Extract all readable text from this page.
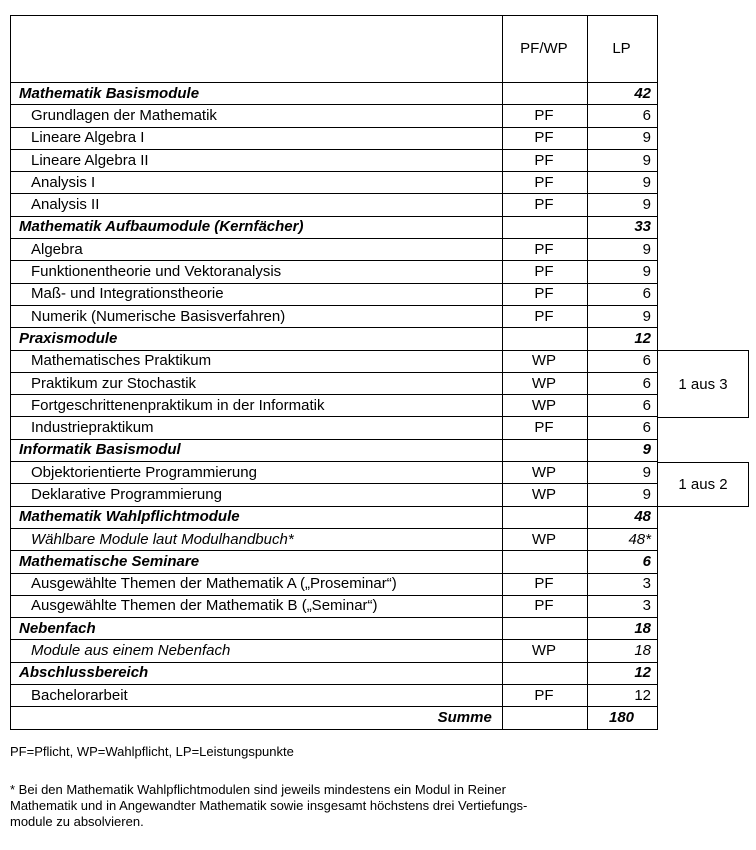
	PF/WP	LP
Mathematik Basismodule		42
Grundlagen der Mathematik	PF	6
Lineare Algebra I	PF	9
Lineare Algebra II	PF	9
Analysis I	PF	9
Analysis II	PF	9
Mathematik Aufbaumodule (Kernfächer)		33
Algebra	PF	9
Funktionentheorie und Vektoranalysis	PF	9
Maß- und Integrationstheorie	PF	6
Numerik (Numerische Basisverfahren)	PF	9
Praxismodule		12
Mathematisches Praktikum	WP	6
Praktikum zur Stochastik	WP	6
Fortgeschrittenenpraktikum in der Informatik	WP	6
Industriepraktikum	PF	6
Informatik Basismodul		9
Objektorientierte Programmierung	WP	9
Deklarative Programmierung	WP	9
Mathematik Wahlpflichtmodule		48
Wählbare Module laut Modulhandbuch*	WP	48*
Mathematische Seminare		6
Ausgewählte Themen der Mathematik A („Proseminar“)	PF	3
Ausgewählte Themen der Mathematik B („Seminar“)	PF	3
Nebenfach		18
Module aus einem Nebenfach	WP	18
Abschlussbereich		12
Bachelorarbeit	PF	12
Summe		180
1 aus 3
1 aus 2
PF=Pflicht, WP=Wahlpflicht, LP=Leistungspunkte
* Bei den Mathematik Wahlpflichtmodulen sind jeweils mindestens ein Modul in Reiner
Mathematik und in Angewandter Mathematik sowie insgesamt höchstens drei Vertiefungs-
module zu absolvieren.
